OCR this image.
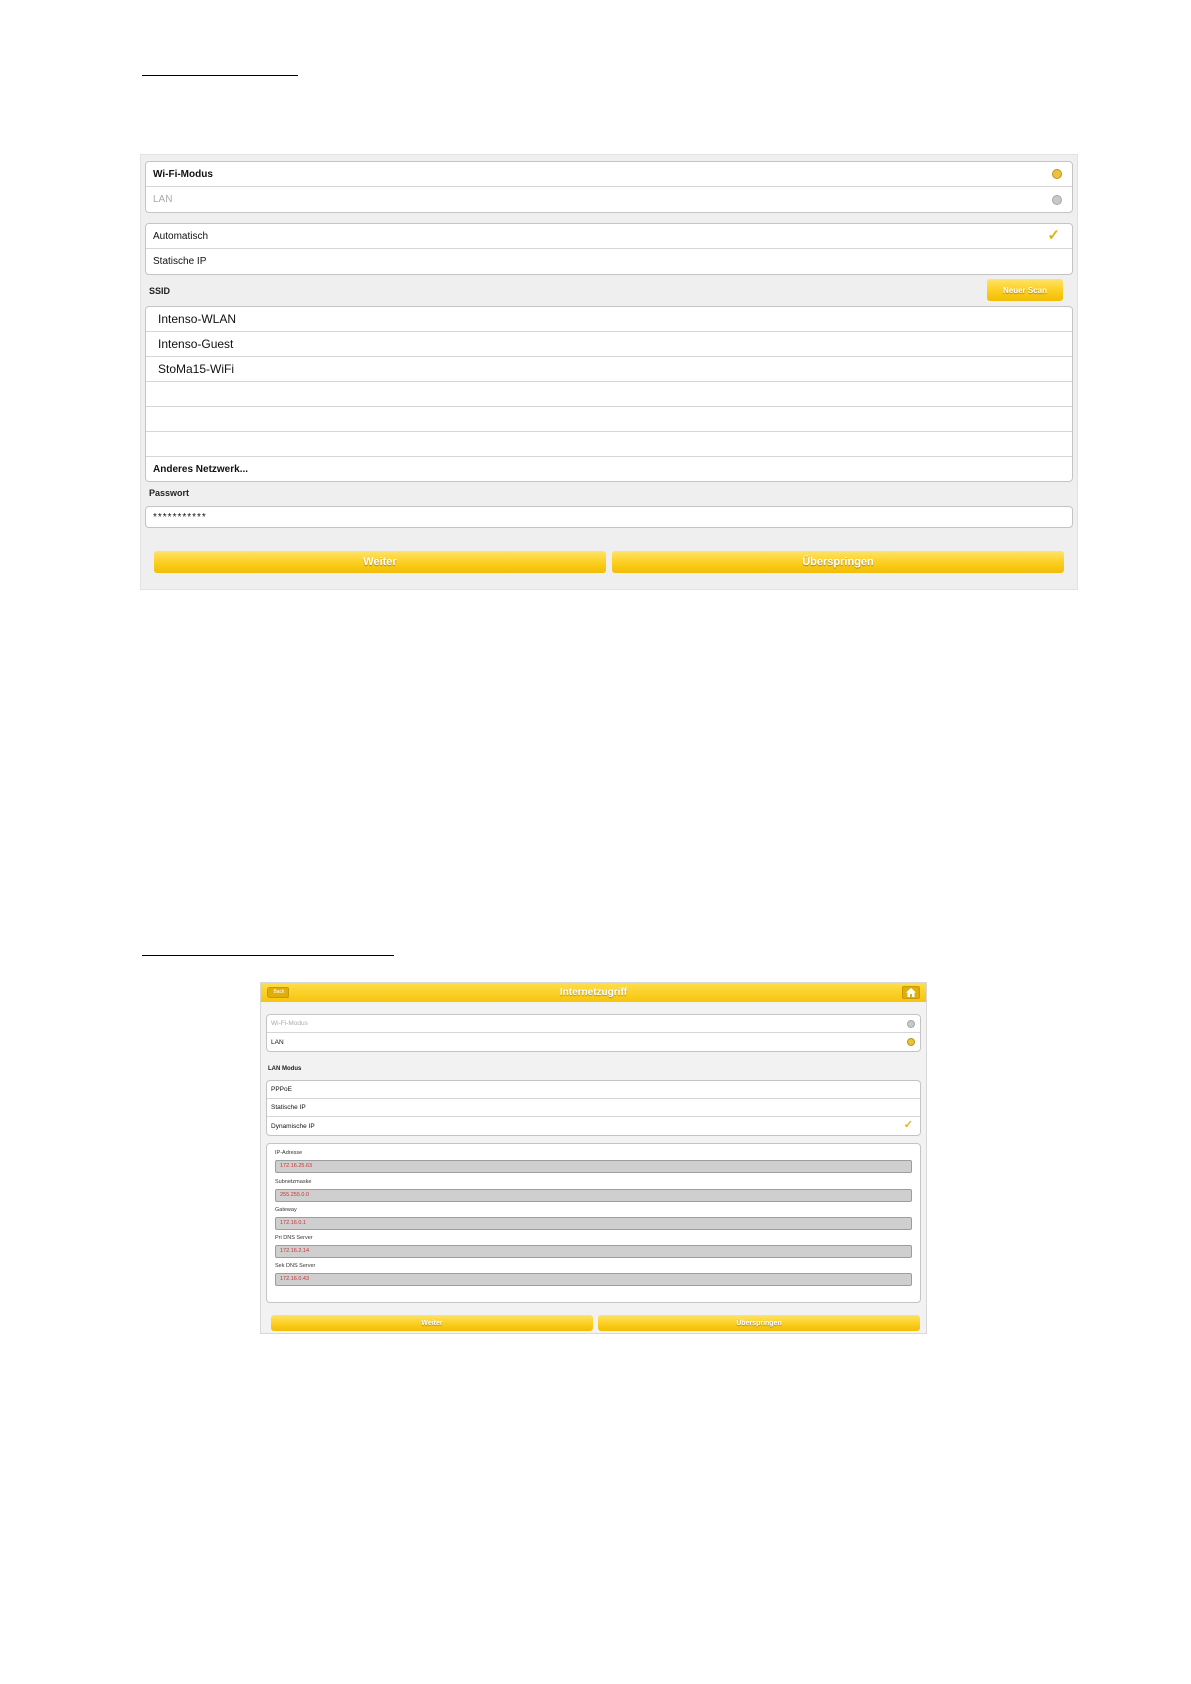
Wi-Fi-Modus
LAN
Automatisch	✓
Statische IP
SSID	Neuer Scan
Intenso-WLAN
Intenso-Guest
StoMa15-WiFi
Anderes Netzwerk...
Passwort
***********
Weiter	Überspringen
Back	Internetzugriff
Wi-Fi-Modus
LAN
LAN Modus
PPPoE
Statische IP
Dynamische IP	✓
IP-Adresse
172.16.25.63
Subnetzmaske
255.255.0.0
Gateway
172.16.0.1
Pri DNS Server
172.16.2.14
Sek DNS Server
172.16.0.43
Weiter	Überspringen
